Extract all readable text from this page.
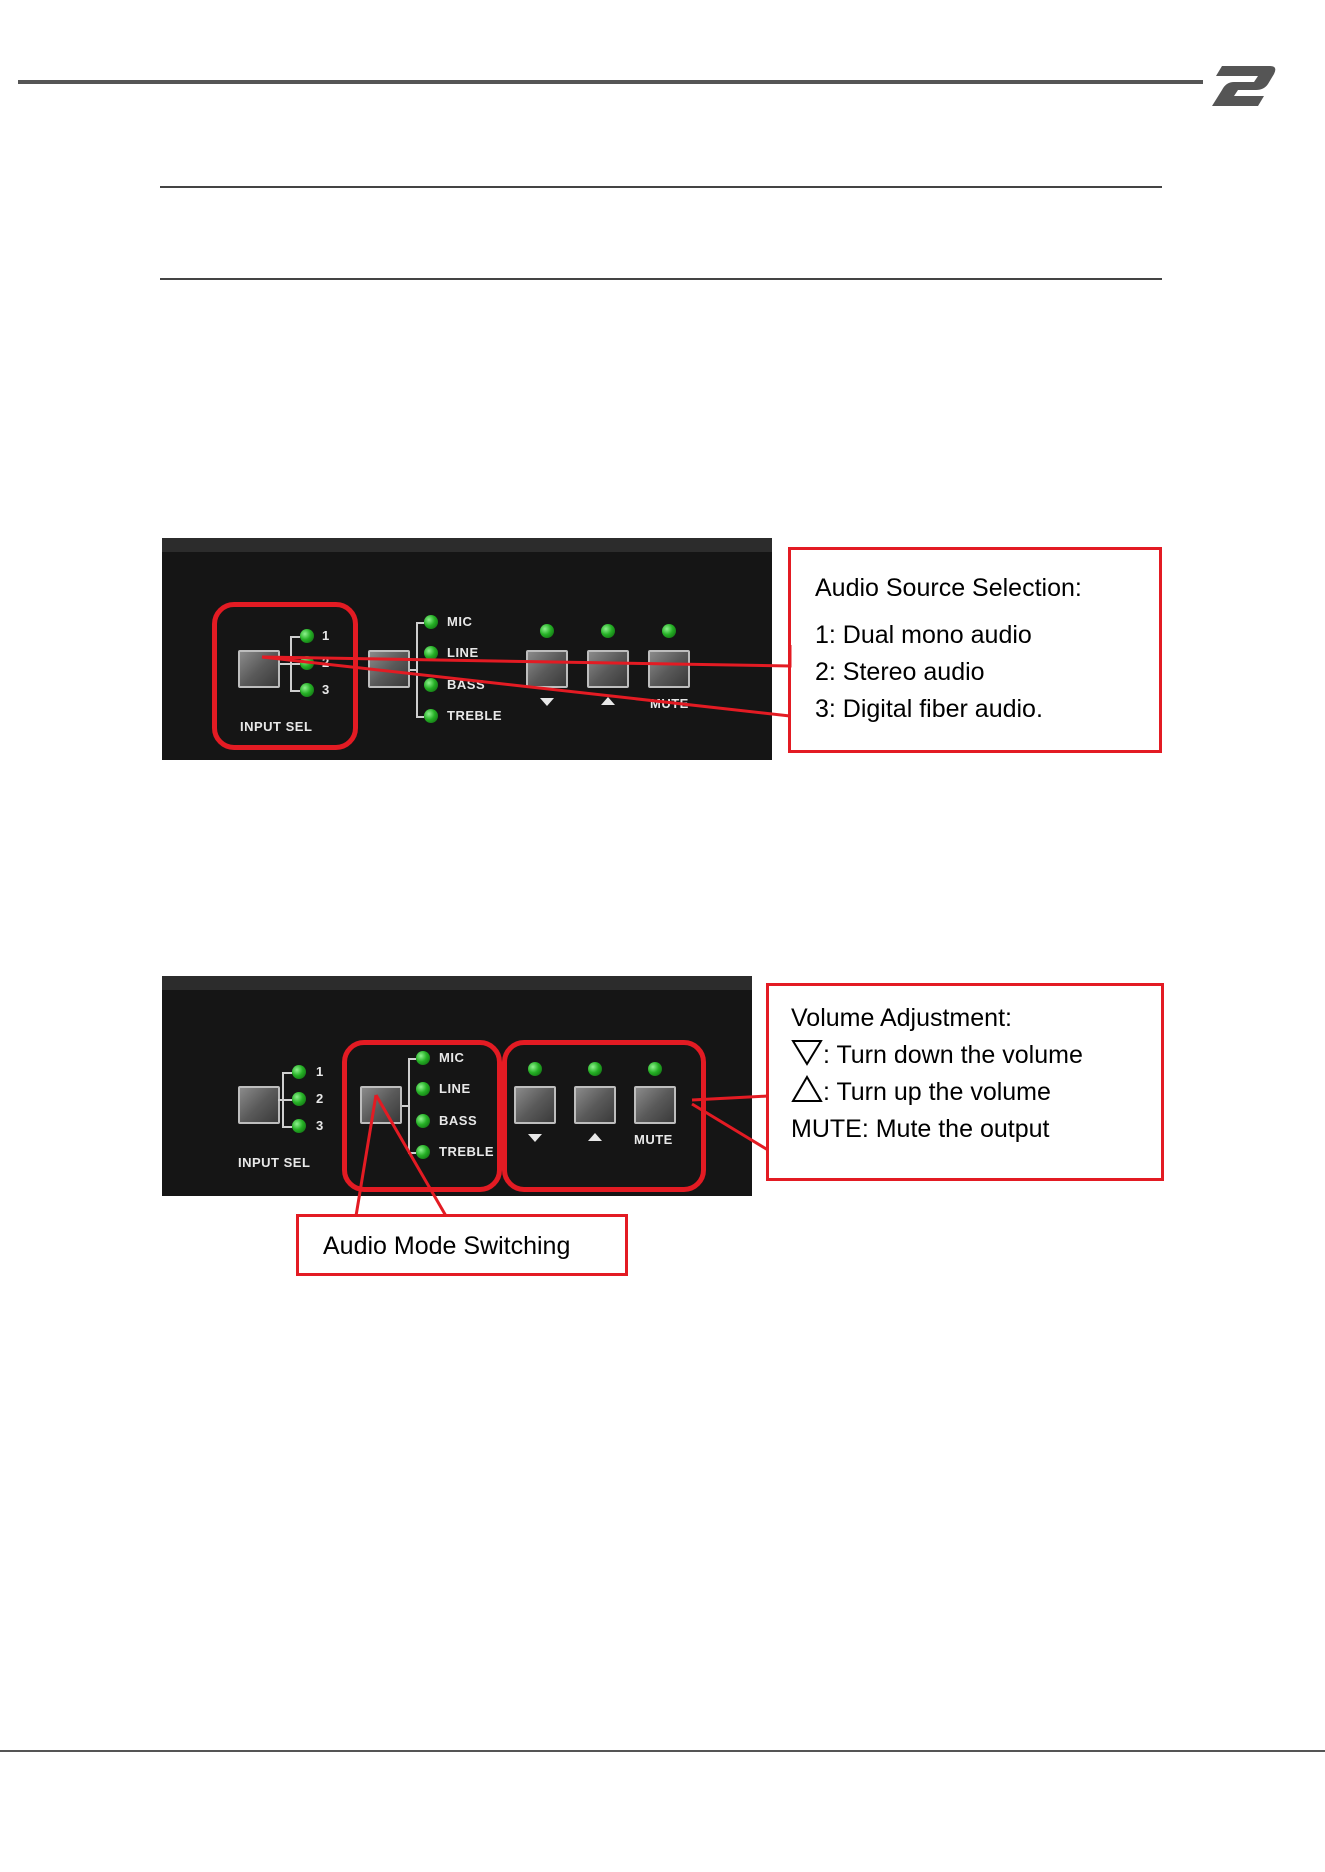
1
2
3
INPUT SEL
MIC
LINE
BASS
TREBLE
MUTE
Audio Source Selection:
1: Dual mono audio
2: Stereo audio
3: Digital fiber audio.
1
2
3
INPUT SEL
MIC
LINE
BASS
TREBLE
MUTE
Volume Adjustment:
: Turn down the volume
: Turn up the volume
MUTE: Mute the output
Audio Mode Switching
